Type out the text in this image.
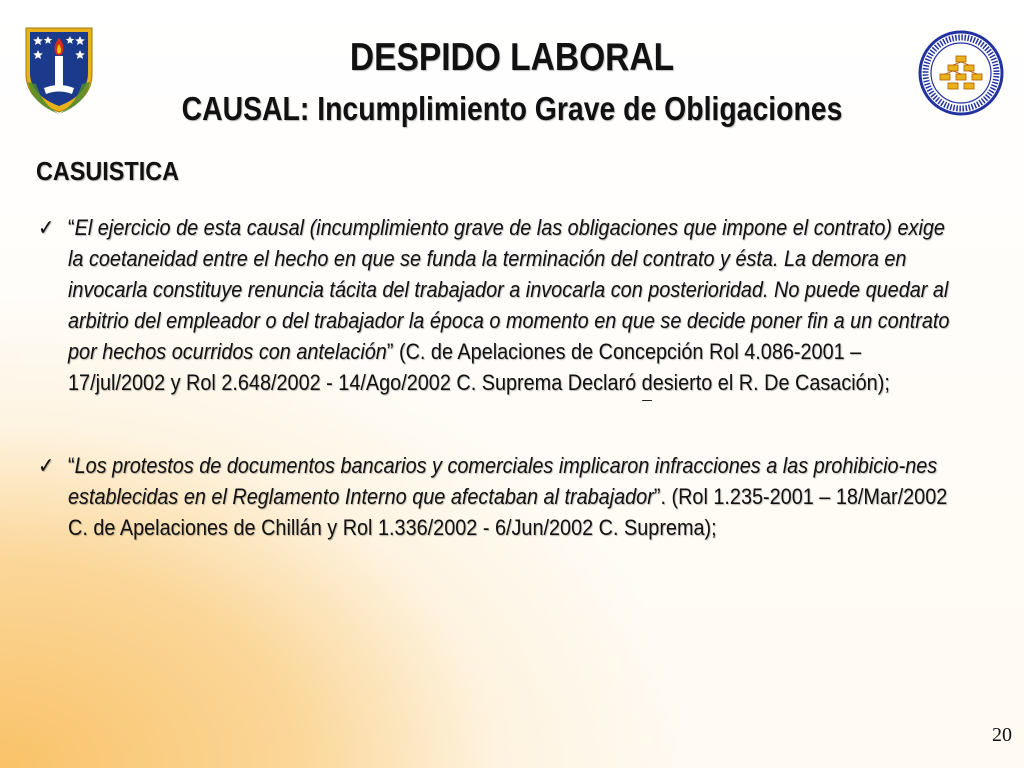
DESPIDO LABORAL
CAUSAL: Incumplimiento Grave de Obligaciones
CASUISTICA
✓ “El ejercicio de esta causal (incumplimiento grave de las obligaciones que impone el contrato) exige la coetaneidad entre el hecho en que se funda la terminación del contrato y ésta. La demora en invocarla constituye renuncia tácita del trabajador a invocarla con posterioridad. No puede quedar al arbitrio del empleador o del trabajador la época o momento en que se decide poner fin a un contrato por hechos ocurridos con antelación” (C. de Apelaciones de Concepción Rol 4.086-2001 – 17/jul/2002 y Rol 2.648/2002 - 14/Ago/2002 C. Suprema Declaró desierto el R. De Casación);
✓ “Los protestos de documentos bancarios y comerciales implicaron infracciones a las prohibicio-nes establecidas en el Reglamento Interno que afectaban al trabajador”. (Rol 1.235-2001 – 18/Mar/2002 C. de Apelaciones de Chillán y Rol 1.336/2002 - 6/Jun/2002 C. Suprema);
20
